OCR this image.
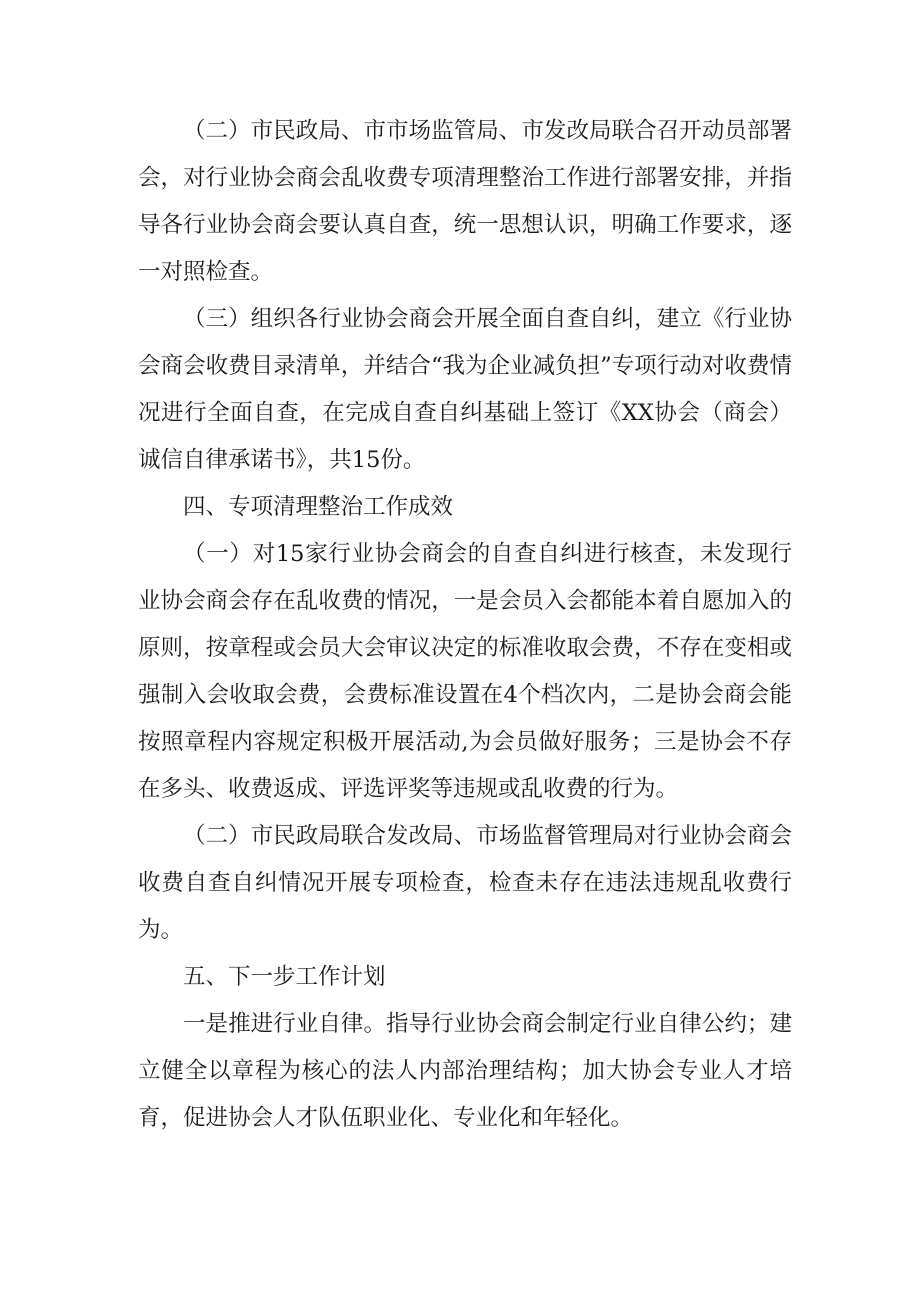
（二）市民政局、市市场监管局、市发改局联合召开动员部署会，对行业协会商会乱收费专项清理整治工作进行部署安排，并指导各行业协会商会要认真自查，统一思想认识，明确工作要求，逐一对照检查。

（三）组织各行业协会商会开展全面自查自纠，建立《行业协会商会收费目录清单，并结合“我为企业减负担”专项行动对收费情况进行全面自查，在完成自查自纠基础上签订《XX协会（商会）诚信自律承诺书》，共15份。

四、专项清理整治工作成效

（一）对15家行业协会商会的自查自纠进行核查，未发现行业协会商会存在乱收费的情况，一是会员入会都能本着自愿加入的原则，按章程或会员大会审议决定的标准收取会费，不存在变相或强制入会收取会费，会费标准设置在4个档次内，二是协会商会能按照章程内容规定积极开展活动,为会员做好服务；三是协会不存在多头、收费返成、评选评奖等违规或乱收费的行为。

（二）市民政局联合发改局、市场监督管理局对行业协会商会收费自查自纠情况开展专项检查，检查未存在违法违规乱收费行为。

五、下一步工作计划

一是推进行业自律。指导行业协会商会制定行业自律公约；建立健全以章程为核心的法人内部治理结构；加大协会专业人才培育，促进协会人才队伍职业化、专业化和年轻化。
